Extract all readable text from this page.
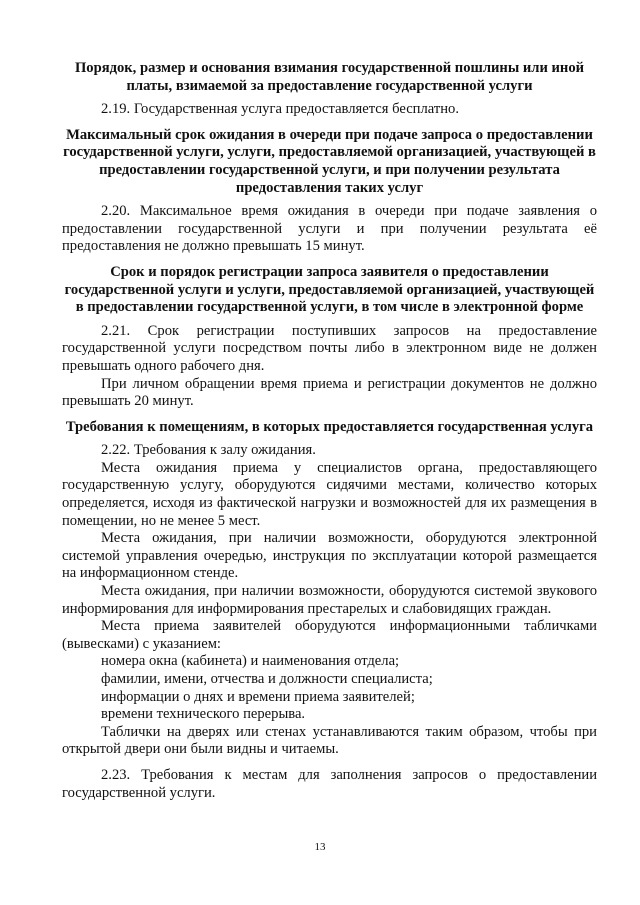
Порядок, размер и основания взимания государственной пошлины или иной платы, взимаемой за предоставление государственной услуги

2.19. Государственная услуга предоставляется бесплатно.

Максимальный срок ожидания в очереди при подаче запроса о предоставлении государственной услуги, услуги, предоставляемой организацией, участвующей в предоставлении государственной услуги, и при получении результата предоставления таких услуг

2.20. Максимальное время ожидания в очереди при подаче заявления о предоставлении государственной услуги и при получении результата её предоставления не должно превышать 15 минут.

Срок и порядок регистрации запроса заявителя о предоставлении государственной услуги и услуги, предоставляемой организацией, участвующей в предоставлении государственной услуги, в том числе в электронной форме

2.21. Срок регистрации поступивших запросов на предоставление государственной услуги посредством почты либо в электронном виде не должен превышать одного рабочего дня.

При личном обращении время приема и регистрации документов не должно превышать 20 минут.

Требования к помещениям, в которых предоставляется государственная услуга

2.22. Требования к залу ожидания.

Места ожидания приема у специалистов органа, предоставляющего государственную услугу, оборудуются сидячими местами, количество которых определяется, исходя из фактической нагрузки и возможностей для их размещения в помещении, но не менее 5 мест.

Места ожидания, при наличии возможности, оборудуются электронной системой управления очередью, инструкция по эксплуатации которой размещается на информационном стенде.

Места ожидания, при наличии возможности, оборудуются системой звукового информирования для информирования престарелых и слабовидящих граждан.

Места приема заявителей оборудуются информационными табличками (вывесками) с указанием:

номера окна (кабинета) и наименования отдела;

фамилии, имени, отчества и должности специалиста;

информации о днях и времени приема заявителей;

времени технического перерыва.

Таблички на дверях или стенах устанавливаются таким образом, чтобы при открытой двери они были видны и читаемы.

2.23. Требования к местам для заполнения запросов о предоставлении государственной услуги.

13
